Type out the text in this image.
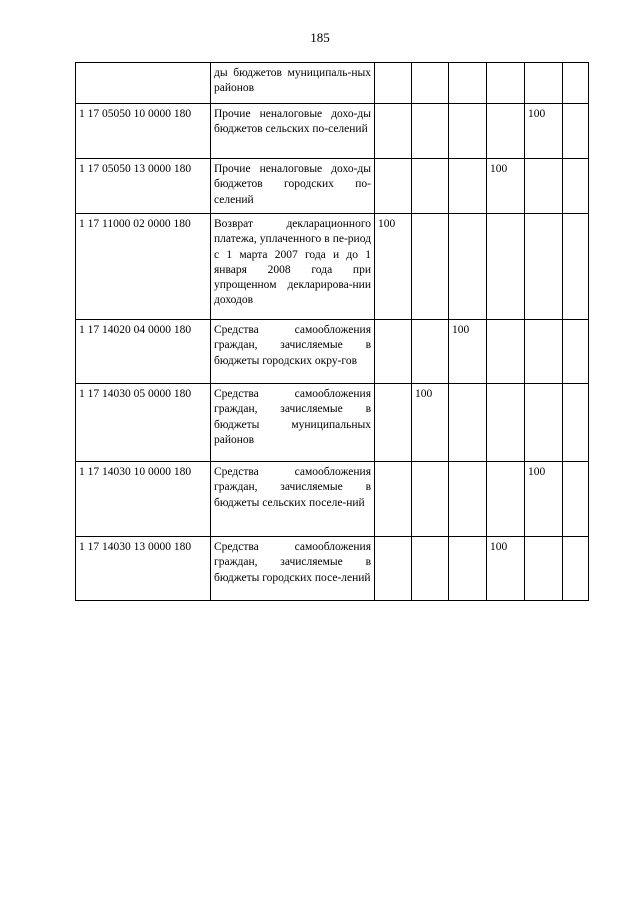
185
	ды бюджетов муниципаль-ных районов						
1 17 05050 10 0000 180	Прочие неналоговые дохо-ды бюджетов сельских по-селений					100	
1 17 05050 13 0000 180	Прочие неналоговые дохо-ды бюджетов городских по-селений				100		
1 17 11000 02 0000 180	Возврат декларационного платежа, уплаченного в пе-риод с 1 марта 2007 года и до 1 января 2008 года при упрощенном декларирова-нии доходов	100					
1 17 14020 04 0000 180	Средства самообложения граждан, зачисляемые в бюджеты городских окру-гов			100			
1 17 14030 05 0000 180	Средства самообложения граждан, зачисляемые в бюджеты муниципальных районов		100				
1 17 14030 10 0000 180	Средства самообложения граждан, зачисляемые в бюджеты сельских поселе-ний					100	
1 17 14030 13 0000 180	Средства самообложения граждан, зачисляемые в бюджеты городских посе-лений				100		
